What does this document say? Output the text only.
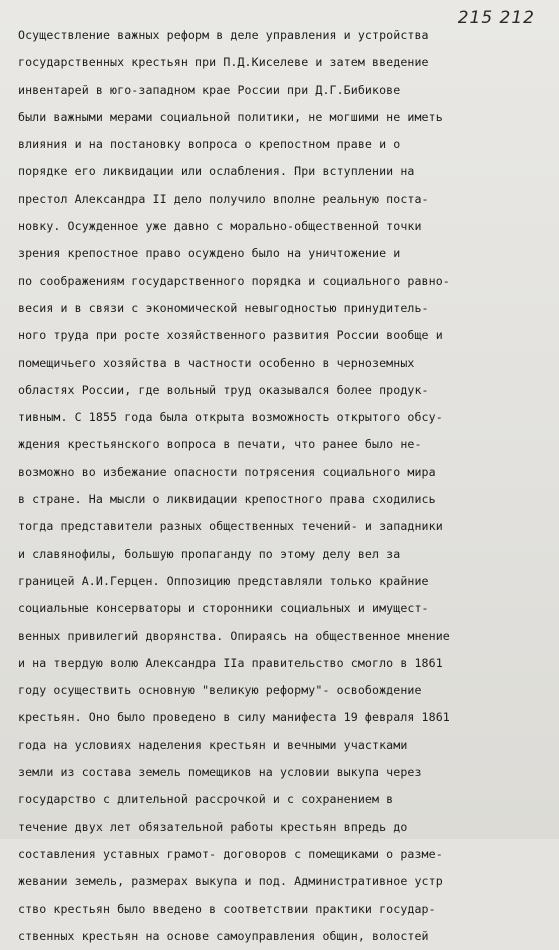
215 212
Осуществление важных реформ в деле управления и устройства
государственных крестьян при П.Д.Киселеве и затем введение
инвентарей в юго-западном крае России при Д.Г.Бибикове
были важными мерами социальной политики, не могшими не иметь
влияния и на постановку вопроса о крепостном праве и о
порядке его ликвидации или ослабления. При вступлении на
престол Александра II дело получило вполне реальную поста-
новку. Осужденное уже давно с морально-общественной точки
зрения крепостное право осуждено было на уничтожение и
по соображениям государственного порядка и социального равно-
весия и в связи с экономической невыгодностью принудитель-
ного труда при росте хозяйственного развития России вообще и
помещичьего хозяйства в частности особенно в черноземных
областях России, где вольный труд оказывался более продук-
тивным. С 1855 года была открыта возможность открытого обсу-
ждения крестьянского вопроса в печати, что ранее было не-
возможно во избежание опасности потрясения социального мира
в стране. На мысли о ликвидации крепостного права сходились
тогда представители разных общественных течений- и западники
и славянофилы, большую пропаганду по этому делу вел за
границей А.И.Герцен. Оппозицию представляли только крайние
социальные консерваторы и сторонники социальных и имущест-
венных привилегий дворянства. Опираясь на общественное мнение
и на твердую волю Александра IIа правительство смогло в 1861
году осуществить основную "великую реформу"- освобождение
крестьян. Оно было проведено в силу манифеста 19 февраля 1861
года на условиях наделения крестьян и вечными участками
земли из состава земель помещиков на условии выкупа через
государство с длительной рассрочкой и с сохранением в
течение двух лет обязательной работы крестьян впредь до
составления уставных грамот- договоров с помещиками о разме-
жевании земель, размерах выкупа и под. Административное устр
ство крестьян было введено в соответствии практики государ-
ственных крестьян на основе самоуправления общин, волостей
